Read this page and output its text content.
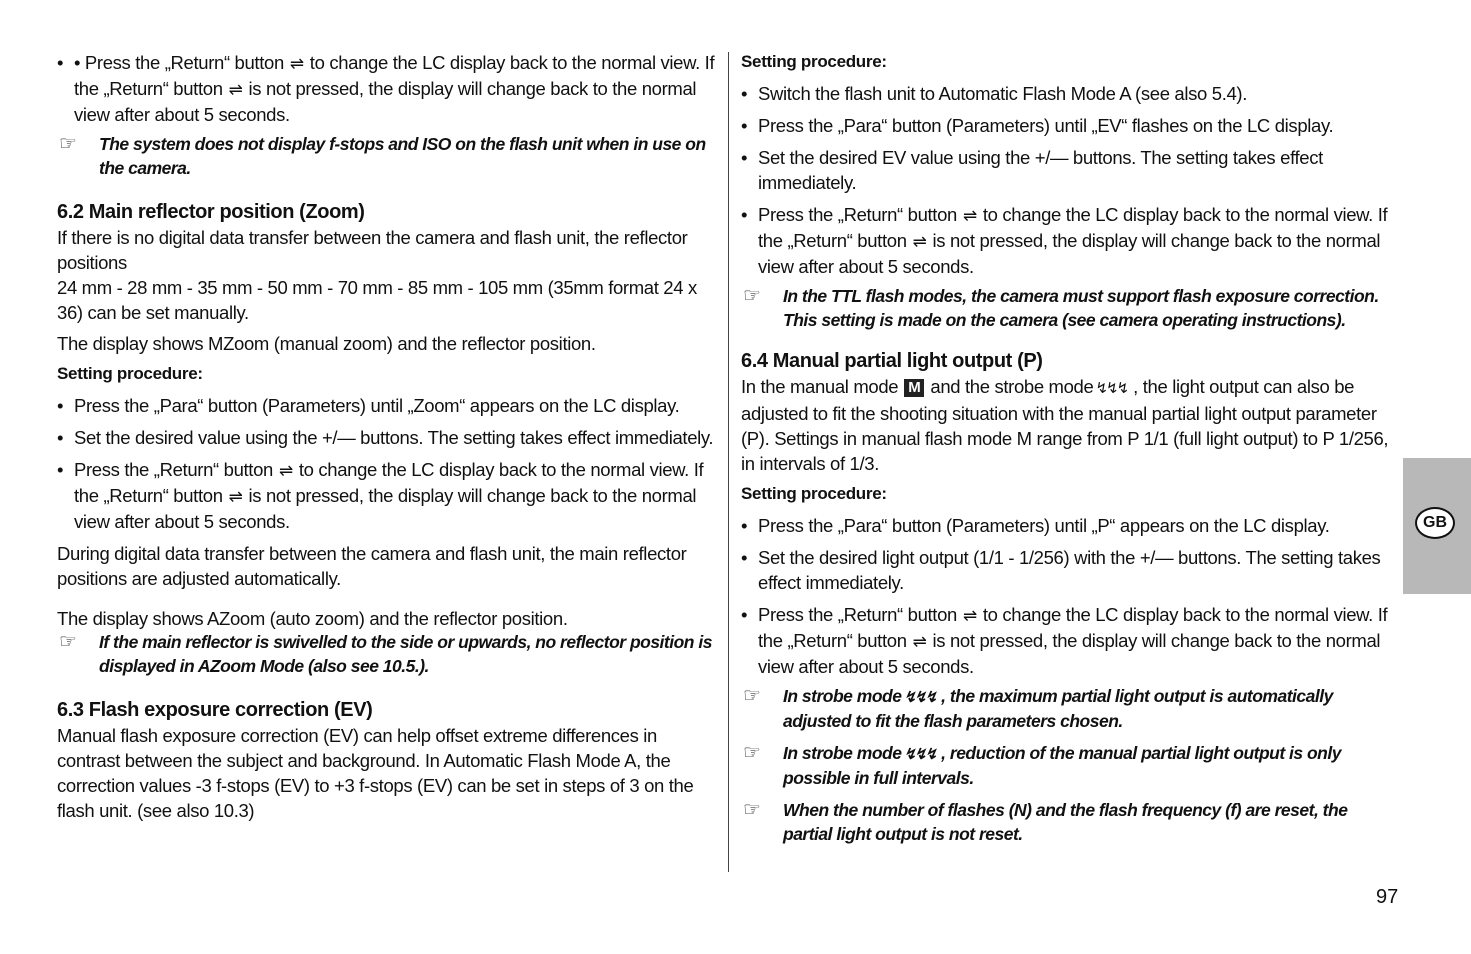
• • Press the „Return“ button ⇌ to change the LC display back to the normal view. If the „Return“ button ⇌ is not pressed, the display will change back to the normal view after about 5 seconds.

☞ The system does not display f-stops and ISO on the flash unit when in use on the camera.

6.2 Main reflector position (Zoom)

If there is no digital data transfer between the camera and flash unit, the reflector positions

24 mm - 28 mm - 35 mm - 50 mm - 70 mm - 85 mm - 105 mm (35mm format 24 x 36) can be set manually.

The display shows MZoom (manual zoom) and the reflector position.

Setting procedure:

• Press the „Para“ button (Parameters) until „Zoom“ appears on the LC display.

• Set the desired value using the +/— buttons. The setting takes effect immediately.

• Press the „Return“ button ⇌ to change the LC display back to the normal view. If the „Return“ button ⇌ is not pressed, the display will change back to the normal view after about 5 seconds.

During digital data transfer between the camera and flash unit, the main reflector positions are adjusted automatically.

The display shows AZoom (auto zoom) and the reflector position.

☞ If the main reflector is swivelled to the side or upwards, no reflector position is displayed in AZoom Mode (also see 10.5.).

6.3 Flash exposure correction (EV)

Manual flash exposure correction (EV) can help offset extreme differences in contrast between the subject and background. In Automatic Flash Mode A, the correction values -3 f-stops (EV) to +3 f-stops (EV) can be set in steps of 3 on the flash unit. (see also 10.3)

Setting procedure:

• Switch the flash unit to Automatic Flash Mode A (see also 5.4).

• Press the „Para“ button (Parameters) until „EV“ flashes on the LC display.

• Set the desired EV value using the +/— buttons. The setting takes effect immediately.

• Press the „Return“ button ⇌ to change the LC display back to the normal view. If the „Return“ button ⇌ is not pressed, the display will change back to the normal view after about 5 seconds.

☞ In the TTL flash modes, the camera must support flash exposure correction. This setting is made on the camera (see camera operating instructions).

6.4 Manual partial light output (P)

In the manual mode M and the strobe mode ↯↯↯ , the light output can also be adjusted to fit the shooting situation with the manual partial light output parameter (P). Settings in manual flash mode M range from P 1/1 (full light output) to P 1/256, in intervals of 1/3.

Setting procedure:

• Press the „Para“ button (Parameters) until „P“ appears on the LC display.

• Set the desired light output (1/1 - 1/256) with the +/— buttons. The setting takes effect immediately.

• Press the „Return“ button ⇌ to change the LC display back to the normal view. If the „Return“ button ⇌ is not pressed, the display will change back to the normal view after about 5 seconds.

☞ In strobe mode ↯↯↯ , the maximum partial light output is automatically adjusted to fit the flash parameters chosen.

☞ In strobe mode ↯↯↯ , reduction of the manual partial light output is only possible in full intervals.

☞ When the number of flashes (N) and the flash frequency (f) are reset, the partial light output is not reset.

GB
97
